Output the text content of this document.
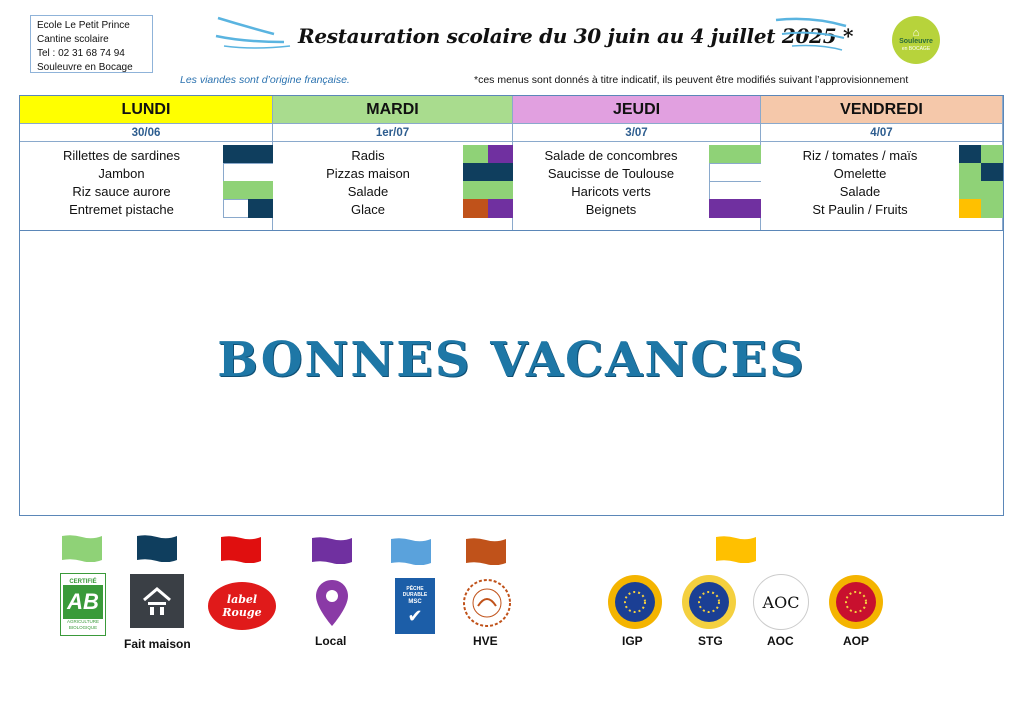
Ecole Le Petit Prince
Cantine scolaire
Tel : 02 31 68 74 94
Souleuvre en Bocage
Restauration scolaire du 30 juin au 4 juillet 2025 *	⌂
Souleuvre
en BOCAGE
Les viandes sont d’origine française.	*ces menus sont donnés à titre indicatif, ils peuvent être modifiés suivant l’approvisionnement
LUNDI
30/06
Rillettes de sardines
Jambon
Riz sauce aurore
Entremet pistache
MARDI
1er/07
Radis
Pizzas maison
Salade
Glace
JEUDI
3/07
Salade de concombres
Saucisse de Toulouse
Haricots verts
Beignets
VENDREDI
4/07
Riz / tomates / maïs
Omelette
Salade
St Paulin / Fruits
BONNES VACANCES
CERTIFIÉ
AB
AGRICULTURE BIOLOGIQUE
Fait maison
label Rouge
Local
PÊCHE DURABLE
MSC
✔
HVE	IGP	STG
AOC
AOC	AOP
